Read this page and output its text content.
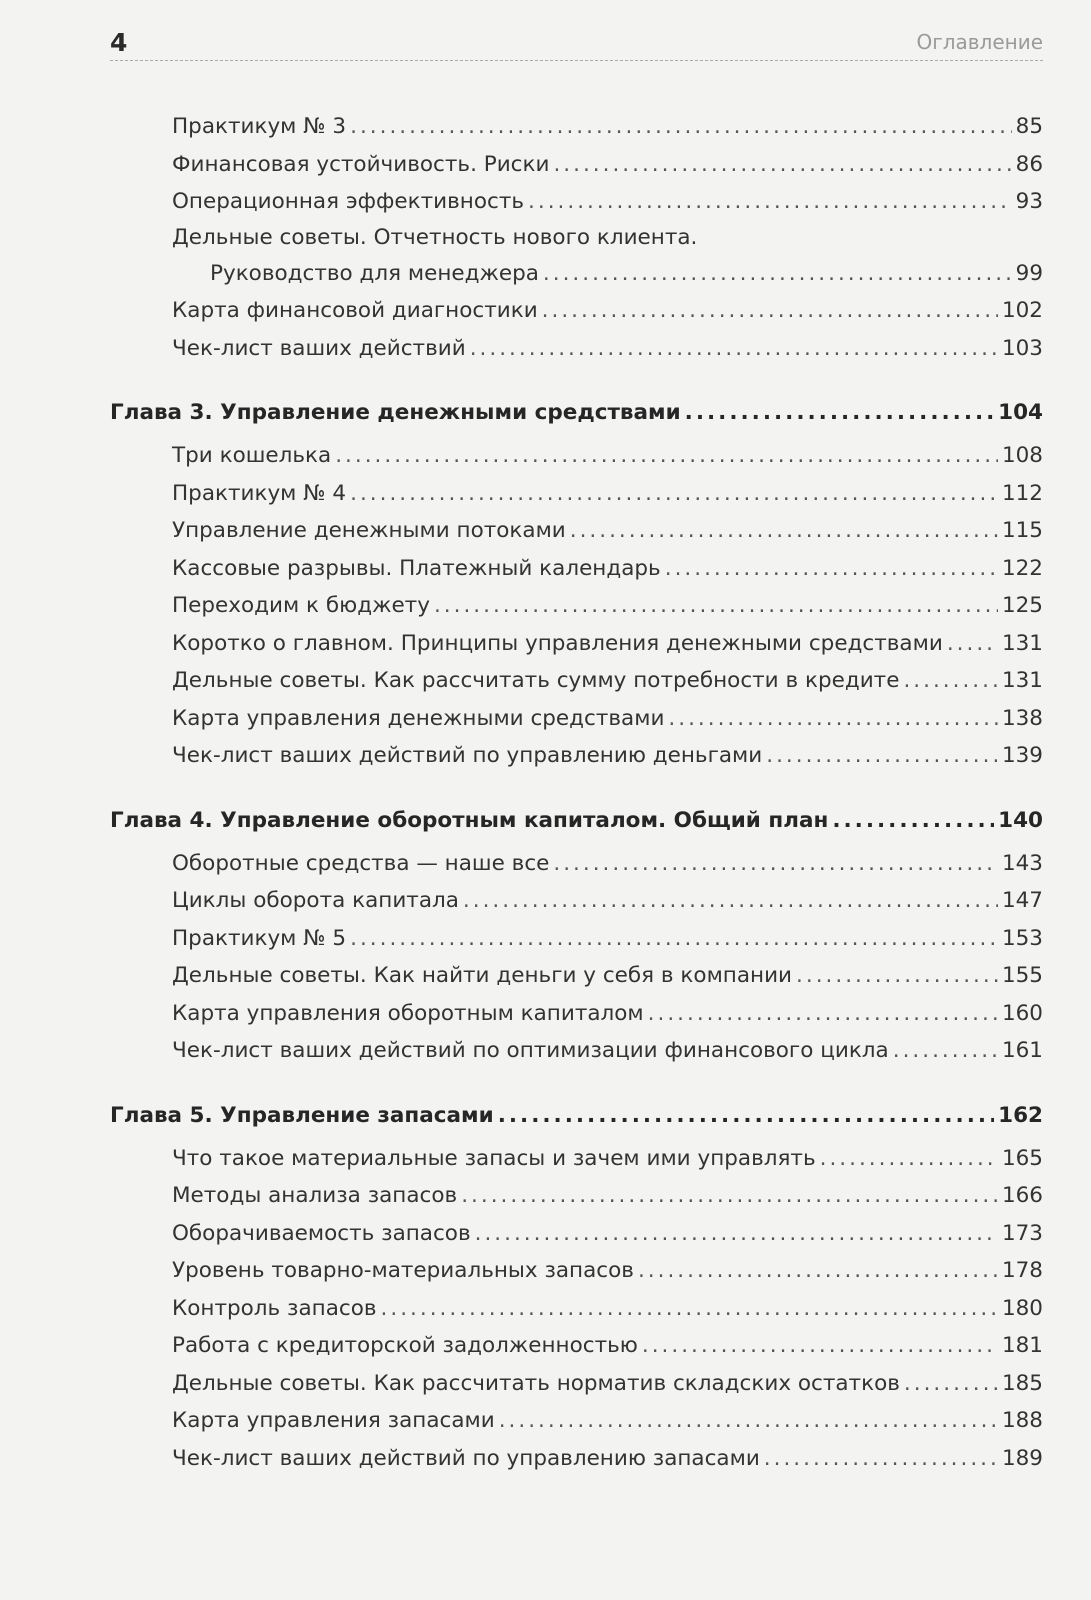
4	Оглавление
Практикум № 3 .....	85
Финансовая устойчивость. Риски .....	86
Операционная эффективность .....	93
Дельные советы. Отчетность нового клиента.
Руководство для менеджера .....	99
Карта финансовой диагностики .....	102
Чек-лист ваших действий .....	103
Глава 3. Управление денежными средствами .....	104
Три кошелька .....	108
Практикум № 4 .....	112
Управление денежными потоками .....	115
Кассовые разрывы. Платежный календарь .....	122
Переходим к бюджету .....	125
Коротко о главном. Принципы управления денежными средствами .....	131
Дельные советы. Как рассчитать сумму потребности в кредите .....	131
Карта управления денежными средствами .....	138
Чек-лист ваших действий по управлению деньгами .....	139
Глава 4. Управление оборотным капиталом. Общий план .....	140
Оборотные средства — наше все .....	143
Циклы оборота капитала .....	147
Практикум № 5 .....	153
Дельные советы. Как найти деньги у себя в компании .....	155
Карта управления оборотным капиталом .....	160
Чек-лист ваших действий по оптимизации финансового цикла .....	161
Глава 5. Управление запасами .....	162
Что такое материальные запасы и зачем ими управлять .....	165
Методы анализа запасов .....	166
Оборачиваемость запасов .....	173
Уровень товарно-материальных запасов .....	178
Контроль запасов .....	180
Работа с кредиторской задолженностью .....	181
Дельные советы. Как рассчитать норматив складских остатков .....	185
Карта управления запасами .....	188
Чек-лист ваших действий по управлению запасами .....	189
